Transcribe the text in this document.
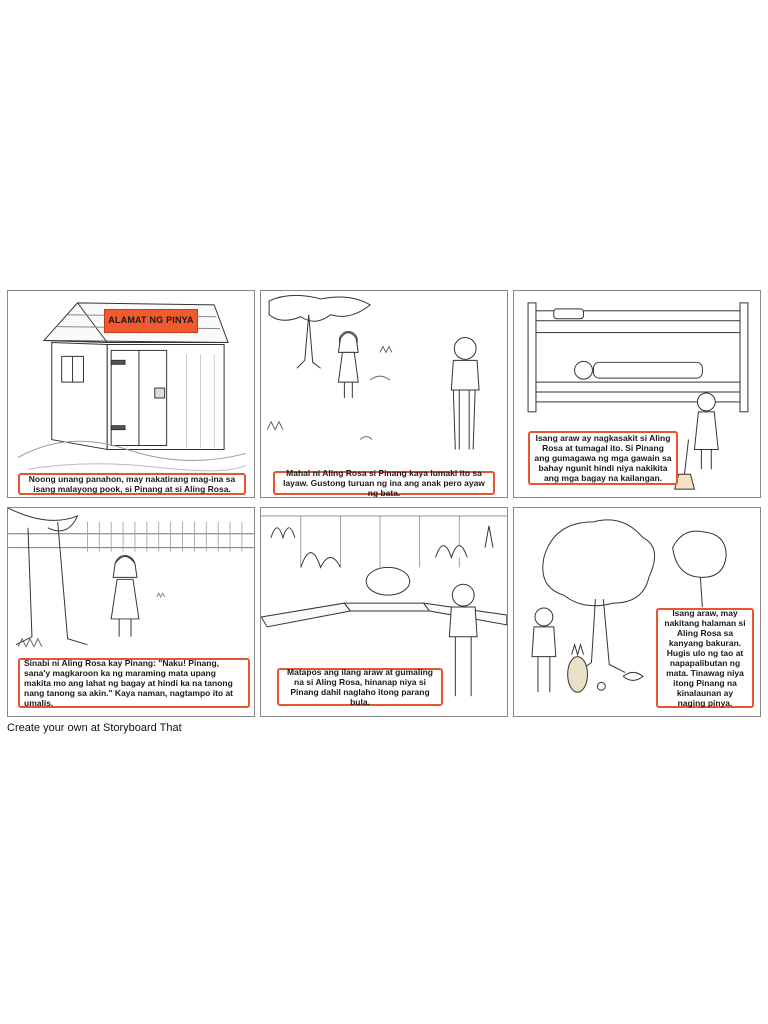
ALAMAT NG PINYA
Noong unang panahon, may nakatirang mag-ina sa isang malayong pook, si Pinang at si Aling Rosa.
Mahal ni Aling Rosa si Pinang kaya lumaki ito sa layaw. Gustong turuan ng ina ang anak pero ayaw ng bata.
Isang araw ay nagkasakit si Aling Rosa at tumagal ito. Si Pinang ang gumagawa ng mga gawain sa bahay ngunit hindi niya nakikita ang mga bagay na kailangan.
Sinabi ni Aling Rosa kay Pinang: "Naku! Pinang, sana'y magkaroon ka ng maraming mata upang makita mo ang lahat ng bagay at hindi ka na tanong nang tanong sa akin." Kaya naman, nagtampo ito at umalis.
Matapos ang ilang araw at gumaling na si Aling Rosa, hinanap niya si Pinang dahil naglaho itong parang bula.
Isang araw, may nakitang halaman si Aling Rosa sa kanyang bakuran. Hugis ulo ng tao at napapalibutan ng mata. Tinawag niya itong Pinang na kinalaunan ay naging pinya.
Create your own at Storyboard That
